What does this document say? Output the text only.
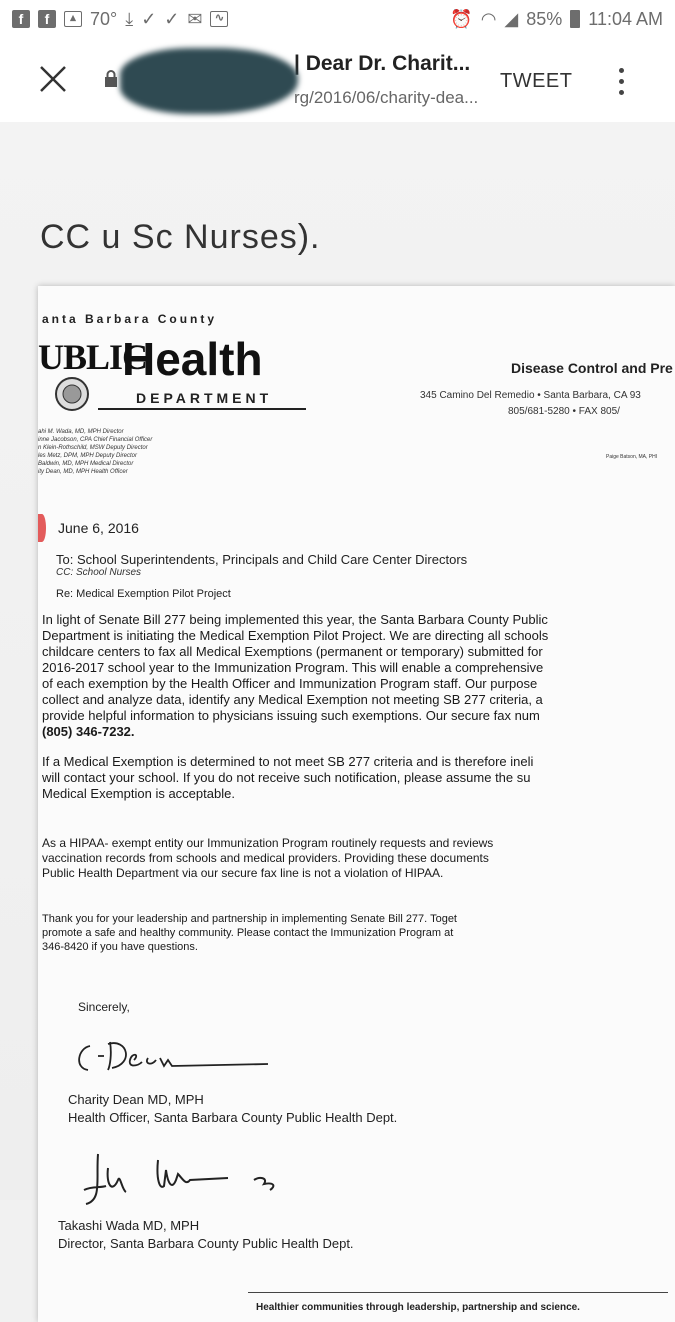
f	f	▴ 70° ⤓ ✓ ✓ ✉	∿	⏰ ◠ ◢ 85% 11:04 AM
| Dear Dr. Charit...
rg/2016/06/charity-dea...
TWEET
CC u Sc Nurses).
anta Barbara County
UBLIC
Health
DEPARTMENT
Disease Control and Pre
345 Camino Del Remedio • Santa Barbara, CA 93
805/681-5280 • FAX 805/
ahi M. Wada, MD, MPH Director
inne Jacobson, CPA Chief Financial Officer
n Klein-Rothschild, MSW Deputy Director
les Metz, DPM, MPH Deputy Director
Baldwin, MD, MPH Medical Director
ity Dean, MD, MPH Health Officer
Paige Batson, MA, PHI
June 6, 2016
To: School Superintendents, Principals and Child Care Center Directors
CC: School Nurses
Re: Medical Exemption Pilot Project
In light of Senate Bill 277 being implemented this year, the Santa Barbara County Public
Department is initiating the Medical Exemption Pilot Project. We are directing all schools
childcare centers to fax all Medical Exemptions (permanent or temporary) submitted for
2016-2017 school year to the Immunization Program. This will enable a comprehensive
of each exemption by the Health Officer and Immunization Program staff. Our purpose
collect and analyze data, identify any Medical Exemption not meeting SB 277 criteria, a
provide helpful information to physicians issuing such exemptions. Our secure fax num
(805) 346-7232.
If a Medical Exemption is determined to not meet SB 277 criteria and is therefore ineli
will contact your school. If you do not receive such notification, please assume the su
Medical Exemption is acceptable.
As a HIPAA- exempt entity our Immunization Program routinely requests and reviews
vaccination records from schools and medical providers. Providing these documents
Public Health Department via our secure fax line is not a violation of HIPAA.
Thank you for your leadership and partnership in implementing Senate Bill 277. Toget
promote a safe and healthy community. Please contact the Immunization Program at
346-8420 if you have questions.
Sincerely,
Charity Dean MD, MPH
Health Officer, Santa Barbara County Public Health Dept.
Takashi Wada MD, MPH
Director, Santa Barbara County Public Health Dept.
Healthier communities through leadership, partnership and science.
